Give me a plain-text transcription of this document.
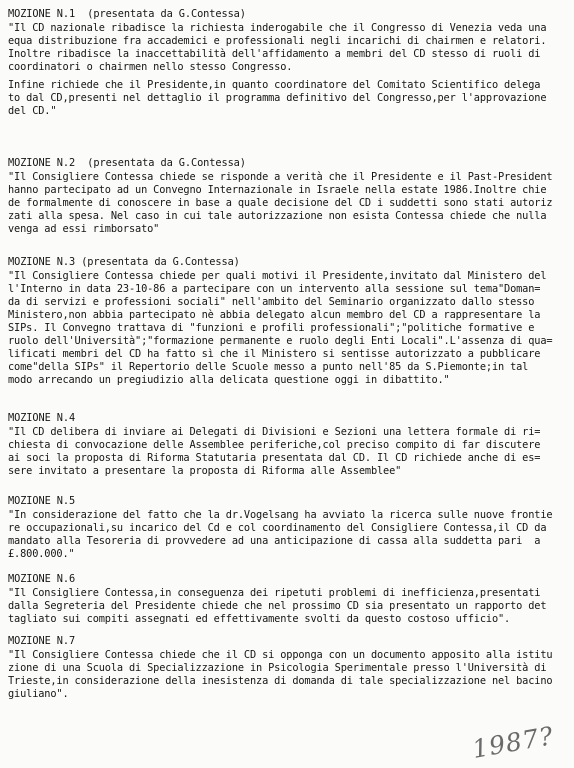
MOZIONE N.1  (presentata da G.Contessa)
"Il CD nazionale ribadisce la richiesta inderogabile che il Congresso di Venezia veda una
equa distribuzione fra accademici e professionali negli incarichi di chairmen e relatori.
Inoltre ribadisce la inaccettabilità dell'affidamento a membri del CD stesso di ruoli di
coordinatori o chairmen nello stesso Congresso.
Infine richiede che il Presidente,in quanto coordinatore del Comitato Scientifico delega
to dal CD,presenti nel dettaglio il programma definitivo del Congresso,per l'approvazione
del CD."
MOZIONE N.2  (presentata da G.Contessa)
"Il Consigliere Contessa chiede se risponde a verità che il Presidente e il Past-President
hanno partecipato ad un Convegno Internazionale in Israele nella estate 1986.Inoltre chie
de formalmente di conoscere in base a quale decisione del CD i suddetti sono stati autoriz
zati alla spesa. Nel caso in cui tale autorizzazione non esista Contessa chiede che nulla
venga ad essi rimborsato"
MOZIONE N.3 (presentata da G.Contessa)
"Il Consigliere Contessa chiede per quali motivi il Presidente,invitato dal Ministero del
l'Interno in data 23-10-86 a partecipare con un intervento alla sessione sul tema"Doman=
da di servizi e professioni sociali" nell'ambito del Seminario organizzato dallo stesso
Ministero,non abbia partecipato nè abbia delegato alcun membro del CD a rappresentare la
SIPs. Il Convegno trattava di "funzioni e profili professionali";"politiche formative e
ruolo dell'Università";"formazione permanente e ruolo degli Enti Locali".L'assenza di qua=
lificati membri del CD ha fatto sì che il Ministero si sentisse autorizzato a pubblicare
come"della SIPs" il Repertorio delle Scuole messo a punto nell'85 da S.Piemonte;in tal
modo arrecando un pregiudizio alla delicata questione oggi in dibattito."
MOZIONE N.4
"Il CD delibera di inviare ai Delegati di Divisioni e Sezioni una lettera formale di ri=
chiesta di convocazione delle Assemblee periferiche,col preciso compito di far discutere
ai soci la proposta di Riforma Statutaria presentata dal CD. Il CD richiede anche di es=
sere invitato a presentare la proposta di Riforma alle Assemblee"
MOZIONE N.5
"In considerazione del fatto che la dr.Vogelsang ha avviato la ricerca sulle nuove frontie
re occupazionali,su incarico del Cd e col coordinamento del Consigliere Contessa,il CD da
mandato alla Tesoreria di provvedere ad una anticipazione di cassa alla suddetta pari  a
£.800.000."
MOZIONE N.6
"Il Consigliere Contessa,in conseguenza dei ripetuti problemi di inefficienza,presentati
dalla Segreteria del Presidente chiede che nel prossimo CD sia presentato un rapporto det
tagliato sui compiti assegnati ed effettivamente svolti da questo costoso ufficio".
MOZIONE N.7
"Il Consigliere Contessa chiede che il CD si opponga con un documento apposito alla istitu
zione di una Scuola di Specializzazione in Psicologia Sperimentale presso l'Università di
Trieste,in considerazione della inesistenza di domanda di tale specializzazione nel bacino
giuliano".
1987?
